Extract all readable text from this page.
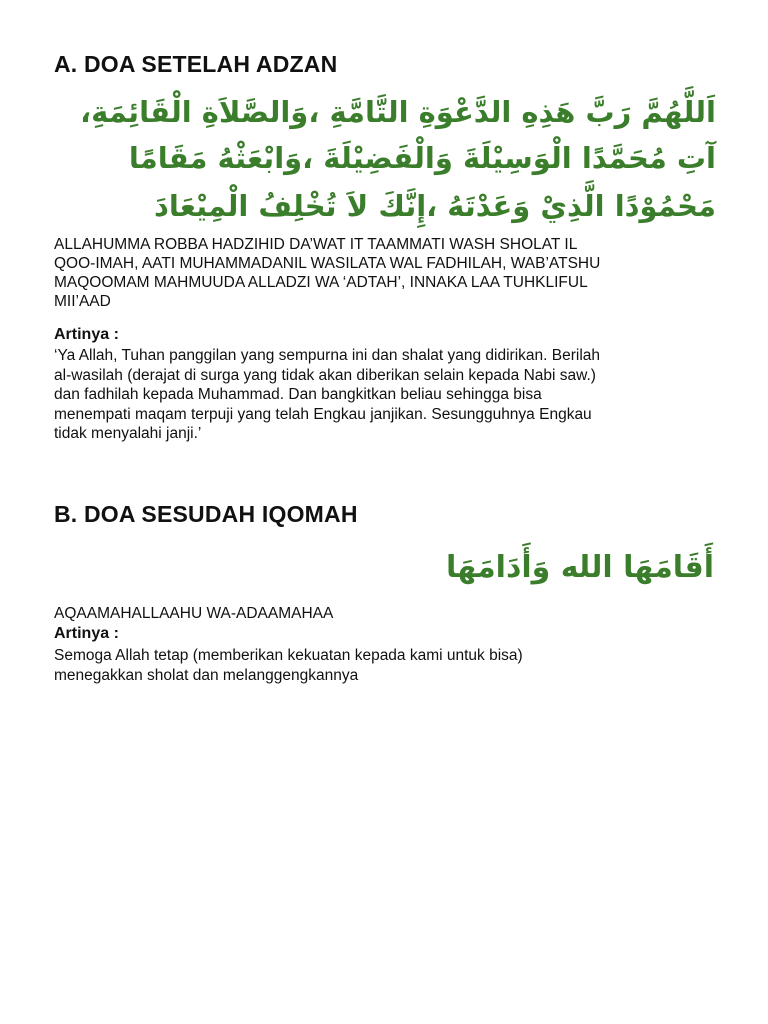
A. DOA SETELAH ADZAN

اَللَّهُمَّ رَبَّ هَذِهِ الدَّعْوَةِ التَّامَّةِ ،وَالصَّلاَةِ الْقَائِمَةِ،

آتِ مُحَمَّدًا الْوَسِيْلَةَ وَالْفَضِيْلَةَ ،وَابْعَثْهُ مَقَامًا

مَحْمُوْدًا الَّذِيْ وَعَدْتَهُ ،إِنَّكَ لاَ تُخْلِفُ الْمِيْعَادَ

ALLAHUMMA ROBBA HADZIHID DA’WAT IT TAAMMATI WASH SHOLAT IL
QOO-IMAH, AATI MUHAMMADANIL WASILATA WAL FADHILAH, WAB’ATSHU
MAQOOMAM MAHMUUDA ALLADZI WA ‘ADTAH’, INNAKA LAA TUHKLIFUL
MII’AAD

Artinya :

‘Ya Allah, Tuhan panggilan yang sempurna ini dan shalat yang didirikan. Berilah
al-wasilah (derajat di surga yang tidak akan diberikan selain kepada Nabi saw.)
dan fadhilah kepada Muhammad. Dan bangkitkan beliau sehingga bisa
menempati maqam terpuji yang telah Engkau janjikan. Sesungguhnya Engkau
tidak menyalahi janji.’
B. DOA SESUDAH IQOMAH

أَقَامَهَا الله وَأَدَامَهَا

AQAAMAHALLAAHU WA-ADAAMAHAA

Artinya :

Semoga Allah tetap (memberikan kekuatan kepada kami untuk bisa)
menegakkan sholat dan melanggengkannya
